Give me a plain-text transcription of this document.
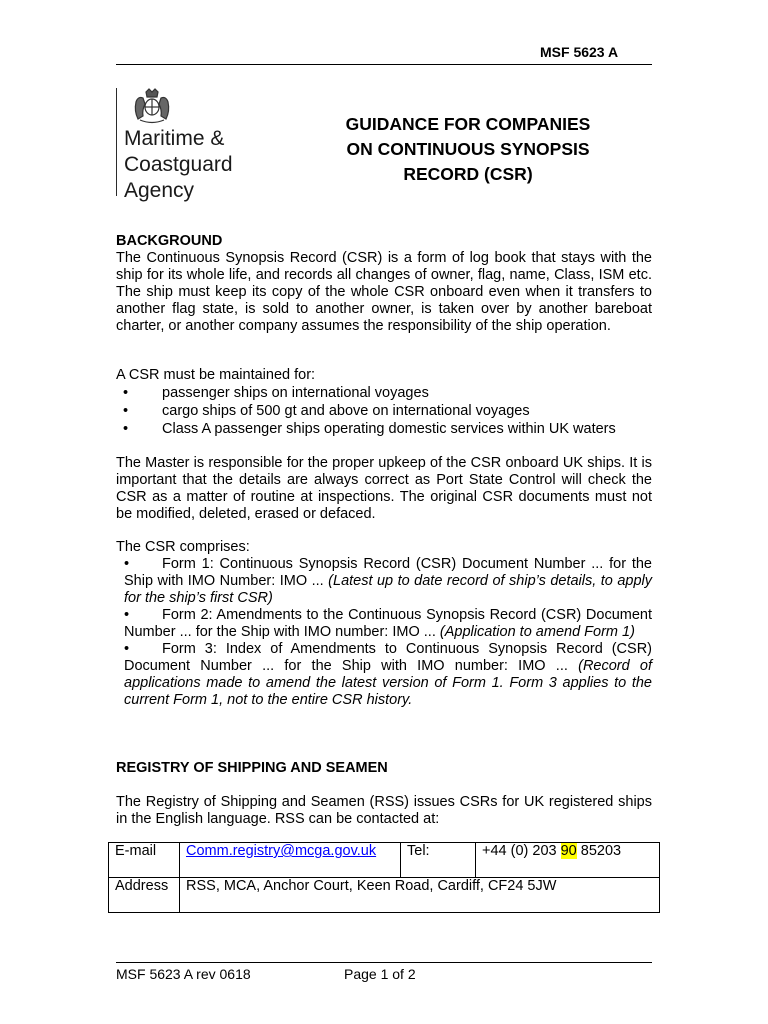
MSF 5623 A
Maritime &
Coastguard
Agency
GUIDANCE FOR COMPANIES
ON CONTINUOUS SYNOPSIS
RECORD (CSR)
BACKGROUND
The Continuous Synopsis Record (CSR) is a form of log book that stays with the ship for its whole life, and records all changes of owner, flag, name, Class, ISM etc. The ship must keep its copy of the whole CSR onboard even when it transfers to another flag state, is sold to another owner, is taken over by another bareboat charter, or another company assumes the responsibility of the ship operation.
A CSR must be maintained for:
• passenger ships on international voyages
• cargo ships of 500 gt and above on international voyages
• Class A passenger ships operating domestic services within UK waters
The Master is responsible for the proper upkeep of the CSR onboard UK ships. It is important that the details are always correct as Port State Control will check the CSR as a matter of routine at inspections. The original CSR documents must not be modified, deleted, erased or defaced.
The CSR comprises:
• Form 1: Continuous Synopsis Record (CSR) Document Number ... for the Ship with IMO Number: IMO ... (Latest up to date record of ship’s details, to apply for the ship’s first CSR)
• Form 2: Amendments to the Continuous Synopsis Record (CSR) Document Number ... for the Ship with IMO number: IMO ... (Application to amend Form 1)
• Form 3: Index of Amendments to Continuous Synopsis Record (CSR) Document Number ... for the Ship with IMO number: IMO ... (Record of applications made to amend the latest version of Form 1. Form 3 applies to the current Form 1, not to the entire CSR history.
REGISTRY OF SHIPPING AND SEAMEN
The Registry of Shipping and Seamen (RSS) issues CSRs for UK registered ships in the English language. RSS can be contacted at:
E-mail	Comm.registry@mcga.gov.uk	Tel:	+44 (0) 203 90 85203
Address	RSS, MCA, Anchor Court, Keen Road, Cardiff, CF24 5JW		
MSF 5623 A rev 0618	Page 1 of 2
